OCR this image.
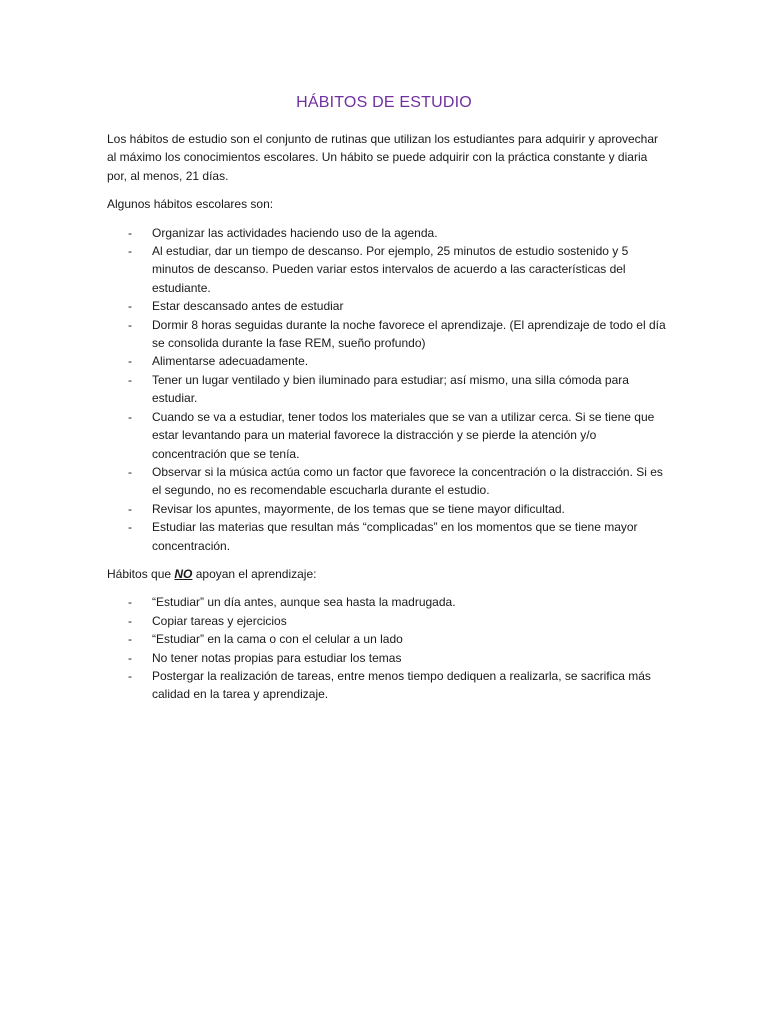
HÁBITOS DE ESTUDIO

Los hábitos de estudio son el conjunto de rutinas que utilizan los estudiantes para adquirir y aprovechar al máximo los conocimientos escolares. Un hábito se puede adquirir con la práctica constante y diaria por, al menos, 21 días.

Algunos hábitos escolares son:

- Organizar las actividades haciendo uso de la agenda.
- Al estudiar, dar un tiempo de descanso. Por ejemplo, 25 minutos de estudio sostenido y 5 minutos de descanso. Pueden variar estos intervalos de acuerdo a las características del estudiante.
- Estar descansado antes de estudiar
- Dormir 8 horas seguidas durante la noche favorece el aprendizaje. (El aprendizaje de todo el día se consolida durante la fase REM, sueño profundo)
- Alimentarse adecuadamente.
- Tener un lugar ventilado y bien iluminado para estudiar; así mismo, una silla cómoda para estudiar.
- Cuando se va a estudiar, tener todos los materiales que se van a utilizar cerca. Si se tiene que estar levantando para un material favorece la distracción y se pierde la atención y/o concentración que se tenía.
- Observar si la música actúa como un factor que favorece la concentración o la distracción. Si es el segundo, no es recomendable escucharla durante el estudio.
- Revisar los apuntes, mayormente, de los temas que se tiene mayor dificultad.
- Estudiar las materias que resultan más “complicadas” en los momentos que se tiene mayor concentración.

Hábitos que NO apoyan el aprendizaje:

- “Estudiar” un día antes, aunque sea hasta la madrugada.
- Copiar tareas y ejercicios
- “Estudiar” en la cama o con el celular a un lado
- No tener notas propias para estudiar los temas
- Postergar la realización de tareas, entre menos tiempo dediquen a realizarla, se sacrifica más calidad en la tarea y aprendizaje.
